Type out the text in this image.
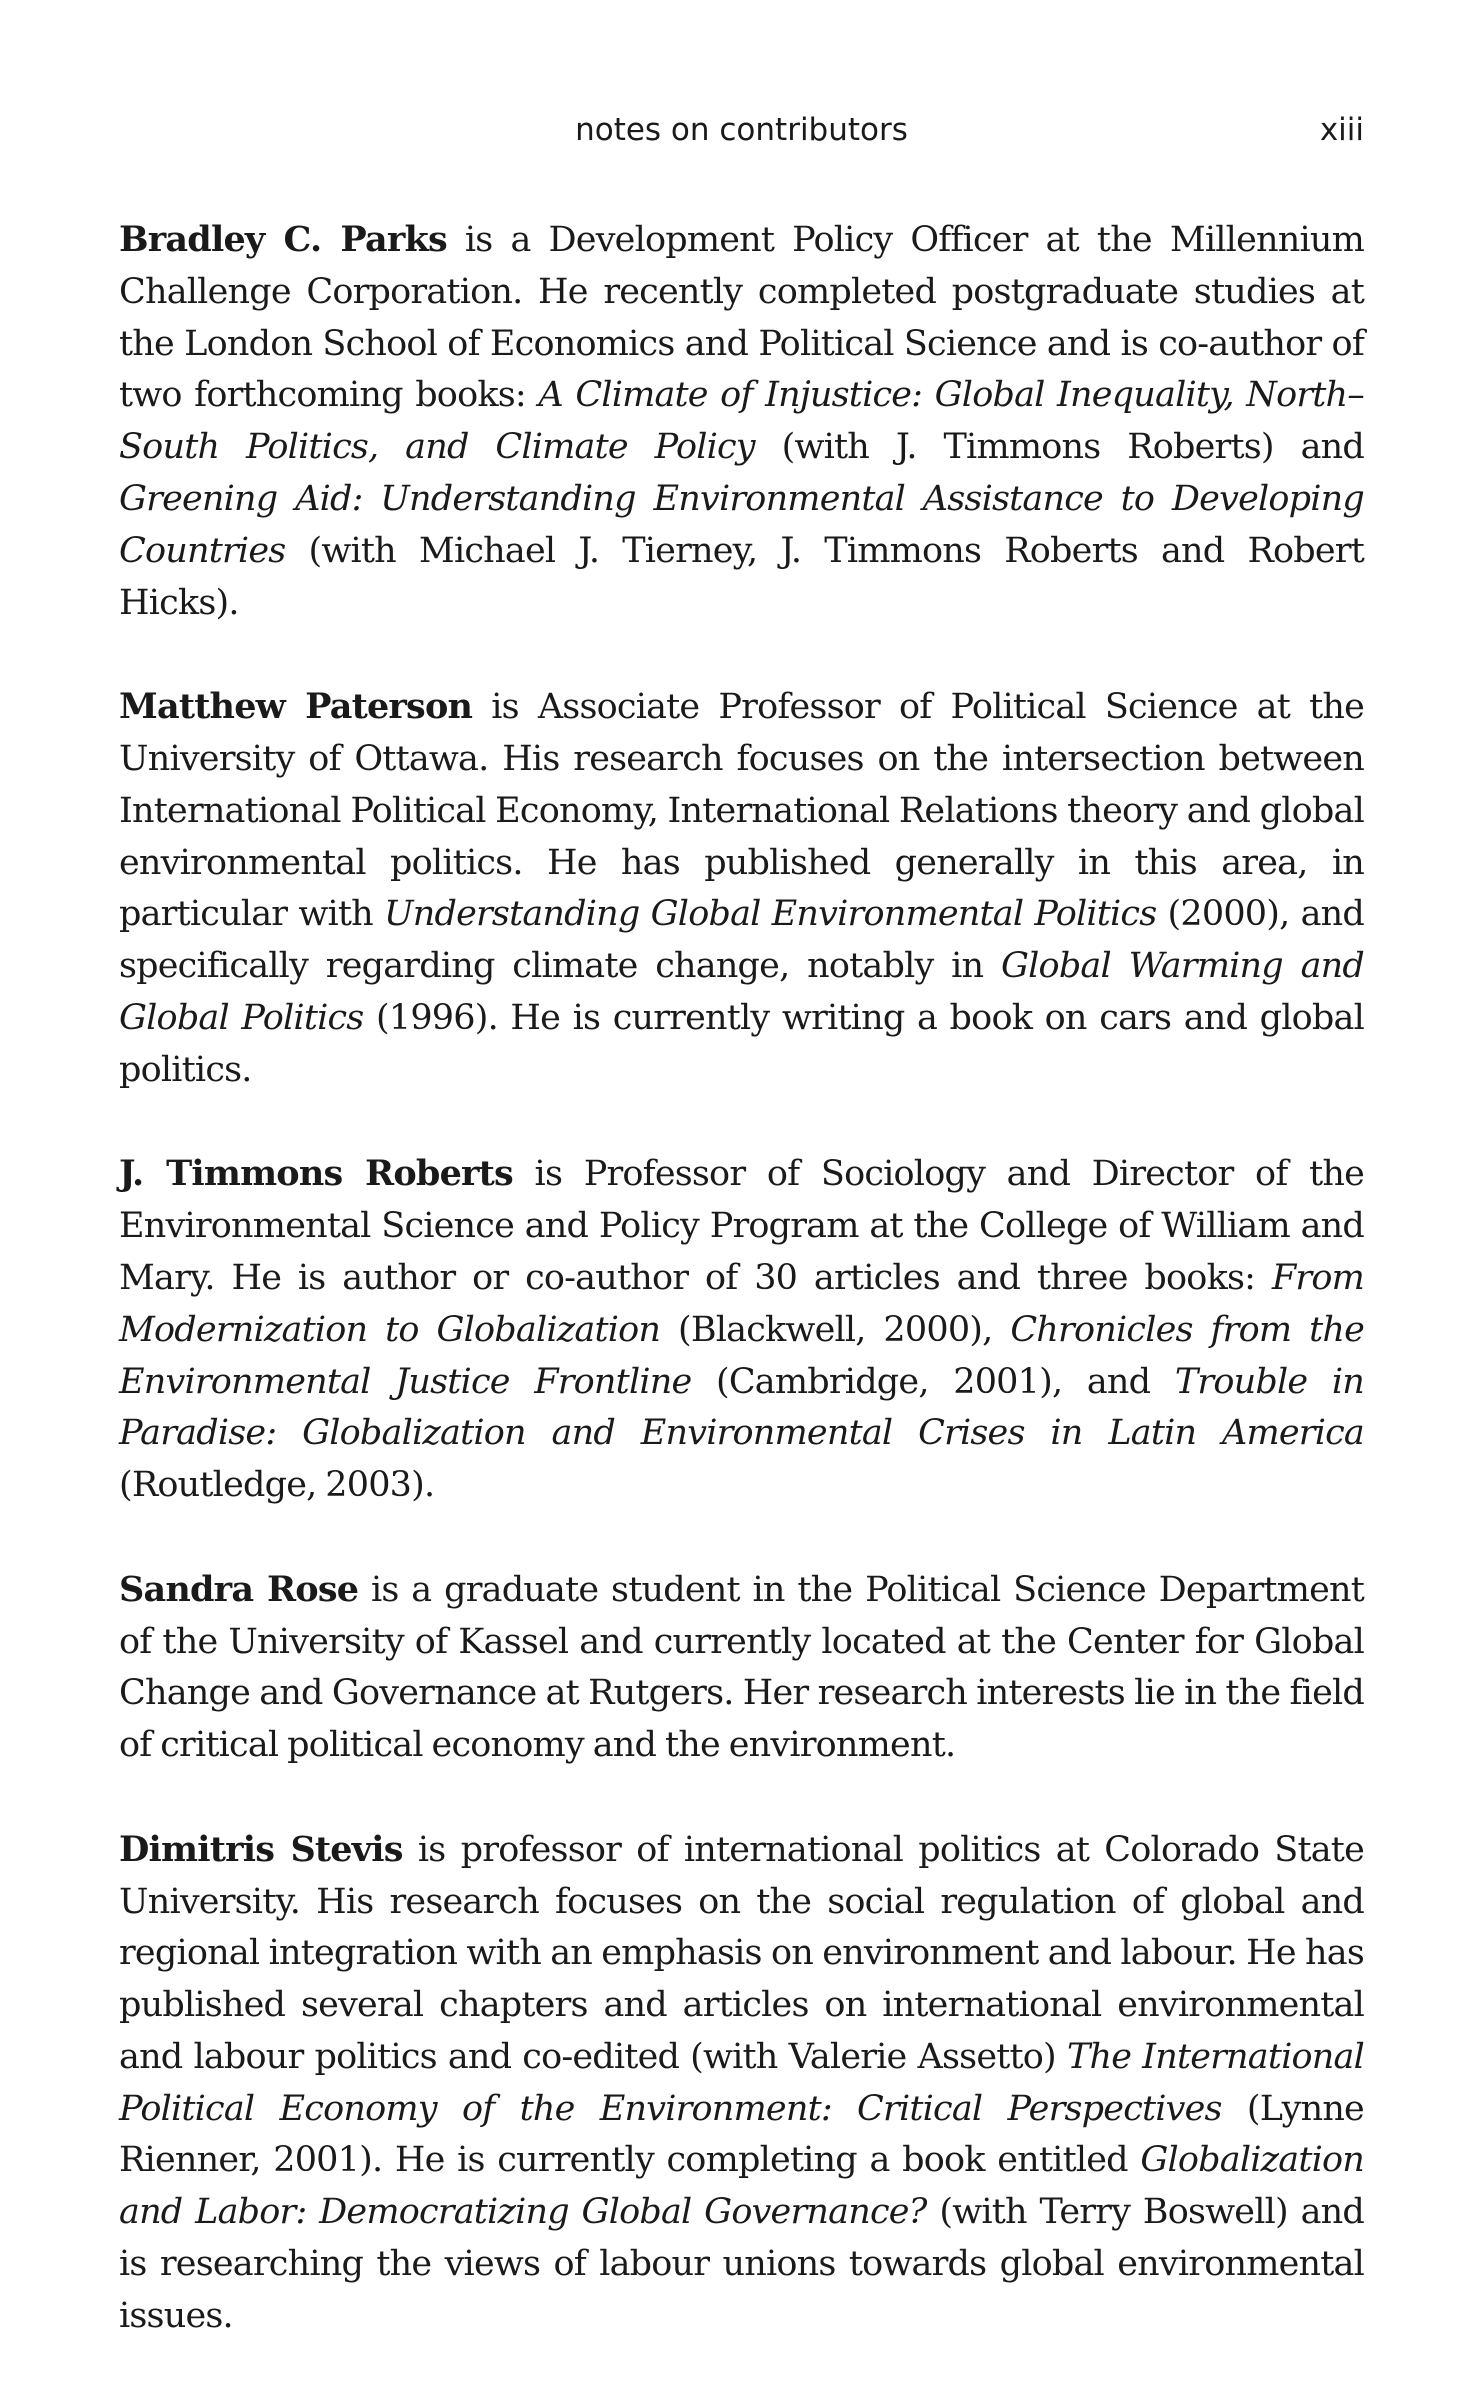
notes on contributors	xiii

Bradley C. Parks is a Development Policy Officer at the Millennium Challenge Corporation. He recently completed postgraduate studies at the London School of Economics and Political Science and is co-author of two forthcoming books: A Climate of Injustice: Global Inequality, North–South Politics, and Climate Policy (with J. Timmons Roberts) and Greening Aid: Understanding Environmental Assistance to Developing Countries (with Michael J. Tierney, J. Timmons Roberts and Robert Hicks).

Matthew Paterson is Associate Professor of Political Science at the University of Ottawa. His research focuses on the intersection between International Political Economy, International Relations theory and global environmental politics. He has published generally in this area, in particular with Understanding Global Environmental Politics (2000), and specifically regarding climate change, notably in Global Warming and Global Politics (1996). He is currently writing a book on cars and global politics.

J. Timmons Roberts is Professor of Sociology and Director of the Environmental Science and Policy Program at the College of William and Mary. He is author or co-author of 30 articles and three books: From Modernization to Globalization (Blackwell, 2000), Chronicles from the Environmental Justice Frontline (Cambridge, 2001), and Trouble in Paradise: Globalization and Environmental Crises in Latin America (Routledge, 2003).

Sandra Rose is a graduate student in the Political Science Department of the University of Kassel and currently located at the Center for Global Change and Governance at Rutgers. Her research interests lie in the field of critical political economy and the environment.

Dimitris Stevis is professor of international politics at Colorado State University. His research focuses on the social regulation of global and regional integration with an emphasis on environment and labour. He has published several chapters and articles on international environmental and labour politics and co-edited (with Valerie Assetto) The International Political Economy of the Environment: Critical Perspectives (Lynne Rienner, 2001). He is currently completing a book entitled Globalization and Labor: Democratizing Global Governance? (with Terry Boswell) and is researching the views of labour unions towards global environmental issues.
